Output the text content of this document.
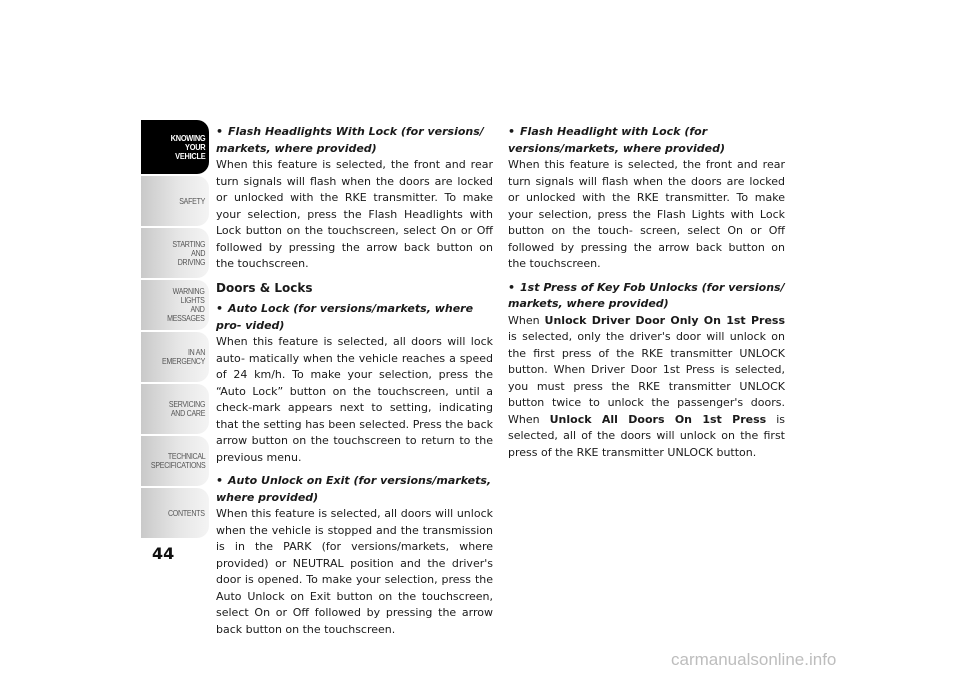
KNOWING
YOUR
VEHICLE
SAFETY
STARTING
AND
DRIVING
WARNING
LIGHTS
AND
MESSAGES
IN AN
EMERGENCY
SERVICING
AND CARE
TECHNICAL
SPECIFICATIONS
CONTENTS
44

• Flash Headlights With Lock (for versions/ markets, where provided)

When this feature is selected, the front and rear turn signals will flash when the doors are locked or unlocked with the RKE transmitter. To make your selection, press the Flash Headlights with Lock button on the touchscreen, select On or Off followed by pressing the arrow back button on the touchscreen.

Doors & Locks

• Auto Lock (for versions/markets, where pro- vided)

When this feature is selected, all doors will lock auto- matically when the vehicle reaches a speed of 24 km/h. To make your selection, press the “Auto Lock” button on the touchscreen, until a check-mark appears next to setting, indicating that the setting has been selected. Press the back arrow button on the touchscreen to return to the previous menu.

• Auto Unlock on Exit (for versions/markets, where provided)

When this feature is selected, all doors will unlock when the vehicle is stopped and the transmission is in the PARK (for versions/markets, where provided) or NEUTRAL position and the driver's door is opened. To make your selection, press the Auto Unlock on Exit button on the touchscreen, select On or Off followed by pressing the arrow back button on the touchscreen.

• Flash Headlight with Lock (for versions/markets, where provided)

When this feature is selected, the front and rear turn signals will flash when the doors are locked or unlocked with the RKE transmitter. To make your selection, press the Flash Lights with Lock button on the touch- screen, select On or Off followed by pressing the arrow back button on the touchscreen.

• 1st Press of Key Fob Unlocks (for versions/ markets, where provided)

When Unlock Driver Door Only On 1st Press is selected, only the driver's door will unlock on the first press of the RKE transmitter UNLOCK button. When Driver Door 1st Press is selected, you must press the RKE transmitter UNLOCK button twice to unlock the passenger's doors. When Unlock All Doors On 1st Press is selected, all of the doors will unlock on the first press of the RKE transmitter UNLOCK button.

carmanualsonline.info
